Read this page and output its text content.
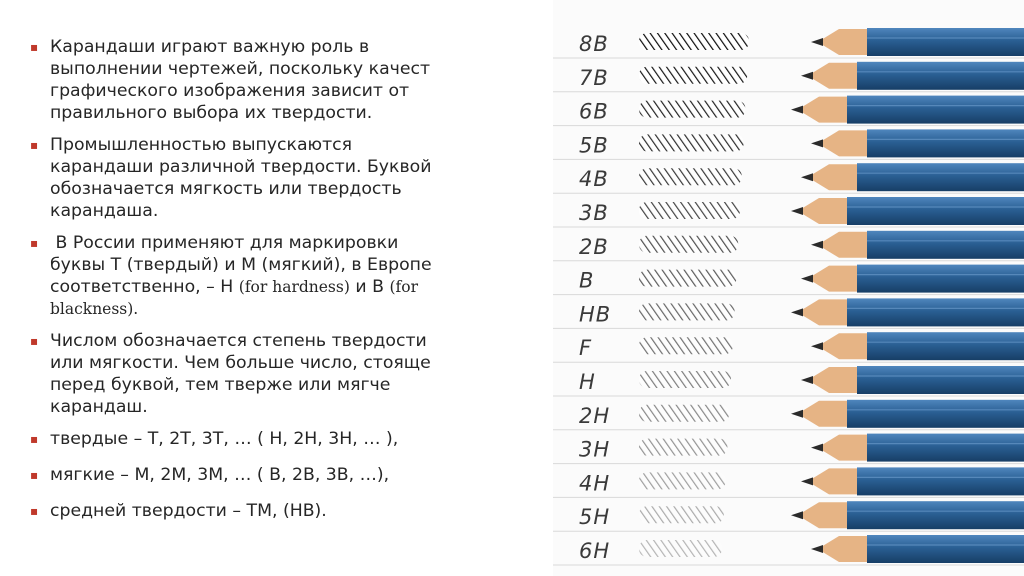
▪ Карандаши играют важную роль в
выполнении чертежей, поскольку качест
графического изображения зависит от
правильного выбора их твердости.
▪ Промышленностью выпускаются
карандаши различной твердости. Буквой
обозначается мягкость или твердость
карандаша.
▪  В России применяют для маркировки
буквы Т (твердый) и М (мягкий), в Европе
соответственно, – Н (for hardness) и В (for
blackness).
▪ Числом обозначается степень твердости
или мягкости. Чем больше число, стояще
перед буквой, тем тверже или мягче
карандаш.
▪ твердые – Т, 2Т, 3Т, … ( Н, 2Н, 3Н, … ),
▪ мягкие – М, 2М, 3М, … ( В, 2В, 3В, …),
▪ средней твердости – ТМ, (НВ).
8B
7B
6B
5B
4B
3B
2B
B
HB
F
H
2H
3H
4H
5H
6H
